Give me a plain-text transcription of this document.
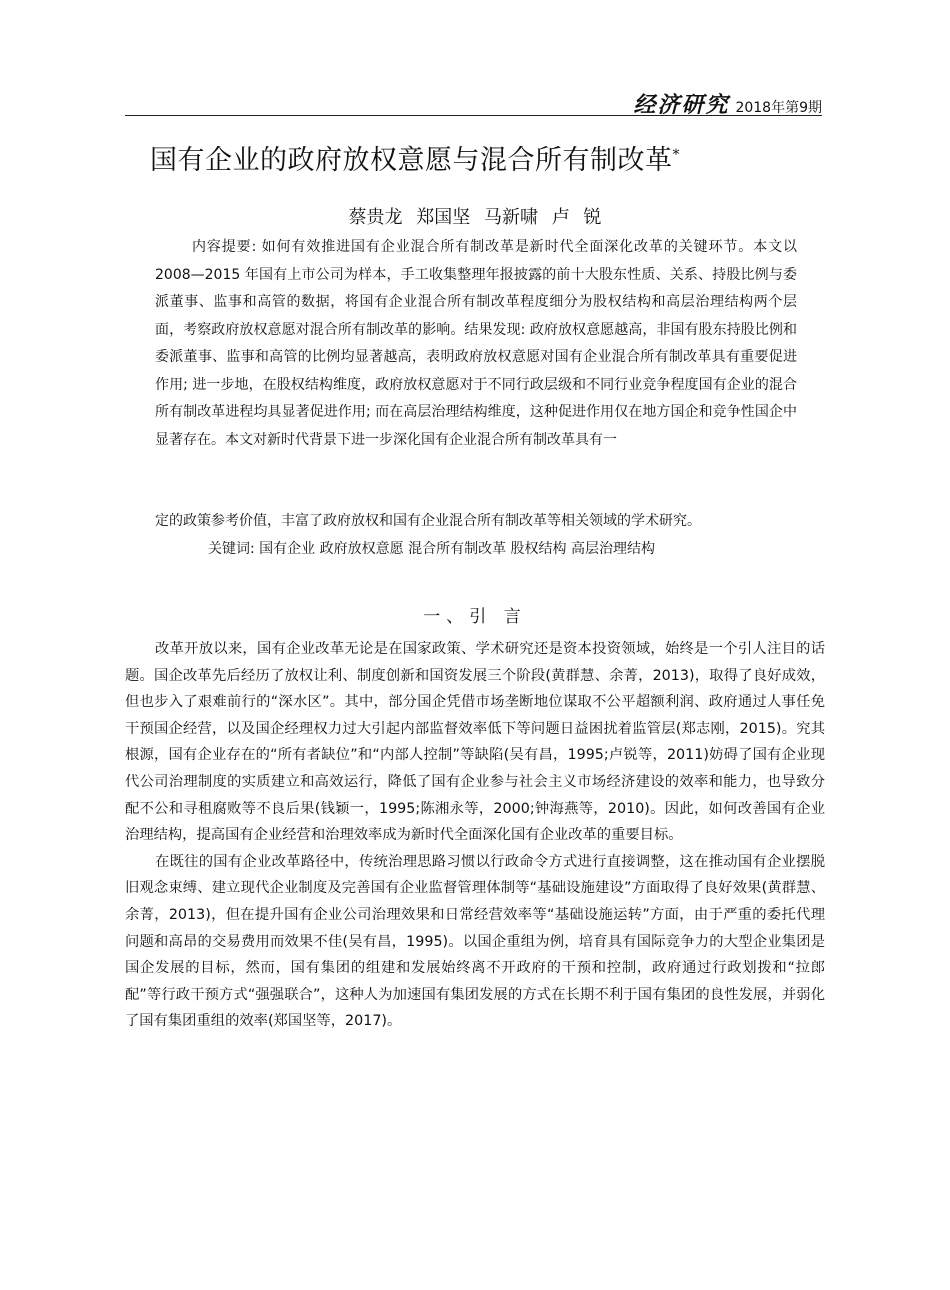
经济研究 2018年第9期
国有企业的政府放权意愿与混合所有制改革*
蔡贵龙 郑国坚 马新啸 卢 锐

内容提要: 如何有效推进国有企业混合所有制改革是新时代全面深化改革的关键环节。本文以 2008—2015 年国有上市公司为样本，手工收集整理年报披露的前十大股东性质、关系、持股比例与委派董事、监事和高管的数据，将国有企业混合所有制改革程度细分为股权结构和高层治理结构两个层面，考察政府放权意愿对混合所有制改革的影响。结果发现: 政府放权意愿越高，非国有股东持股比例和委派董事、监事和高管的比例均显著越高，表明政府放权意愿对国有企业混合所有制改革具有重要促进作用; 进一步地，在股权结构维度，政府放权意愿对于不同行政层级和不同行业竞争程度国有企业的混合所有制改革进程均具显著促进作用; 而在高层治理结构维度，这种促进作用仅在地方国企和竞争性国企中显著存在。本文对新时代背景下进一步深化国有企业混合所有制改革具有一

定的政策参考价值，丰富了政府放权和国有企业混合所有制改革等相关领域的学术研究。

关键词: 国有企业 政府放权意愿 混合所有制改革 股权结构 高层治理结构

一、引 言

改革开放以来，国有企业改革无论是在国家政策、学术研究还是资本投资领域，始终是一个引人注目的话题。国企改革先后经历了放权让利、制度创新和国资发展三个阶段(黄群慧、余菁，2013)，取得了良好成效，但也步入了艰难前行的“深水区”。其中，部分国企凭借市场垄断地位谋取不公平超额利润、政府通过人事任免干预国企经营，以及国企经理权力过大引起内部监督效率低下等问题日益困扰着监管层(郑志刚，2015)。究其根源，国有企业存在的“所有者缺位”和“内部人控制”等缺陷(吴有昌，1995;卢锐等，2011)妨碍了国有企业现代公司治理制度的实质建立和高效运行，降低了国有企业参与社会主义市场经济建设的效率和能力，也导致分配不公和寻租腐败等不良后果(钱颖一，1995;陈湘永等，2000;钟海燕等，2010)。因此，如何改善国有企业治理结构，提高国有企业经营和治理效率成为新时代全面深化国有企业改革的重要目标。

在既往的国有企业改革路径中，传统治理思路习惯以行政命令方式进行直接调整，这在推动国有企业摆脱旧观念束缚、建立现代企业制度及完善国有企业监督管理体制等“基础设施建设”方面取得了良好效果(黄群慧、余菁，2013)，但在提升国有企业公司治理效果和日常经营效率等“基础设施运转”方面，由于严重的委托代理问题和高昂的交易费用而效果不佳(吴有昌，1995)。以国企重组为例，培育具有国际竞争力的大型企业集团是国企发展的目标，然而，国有集团的组建和发展始终离不开政府的干预和控制，政府通过行政划拨和“拉郎配”等行政干预方式“强强联合”，这种人为加速国有集团发展的方式在长期不利于国有集团的良性发展，并弱化了国有集团重组的效率(郑国坚等，2017)。
